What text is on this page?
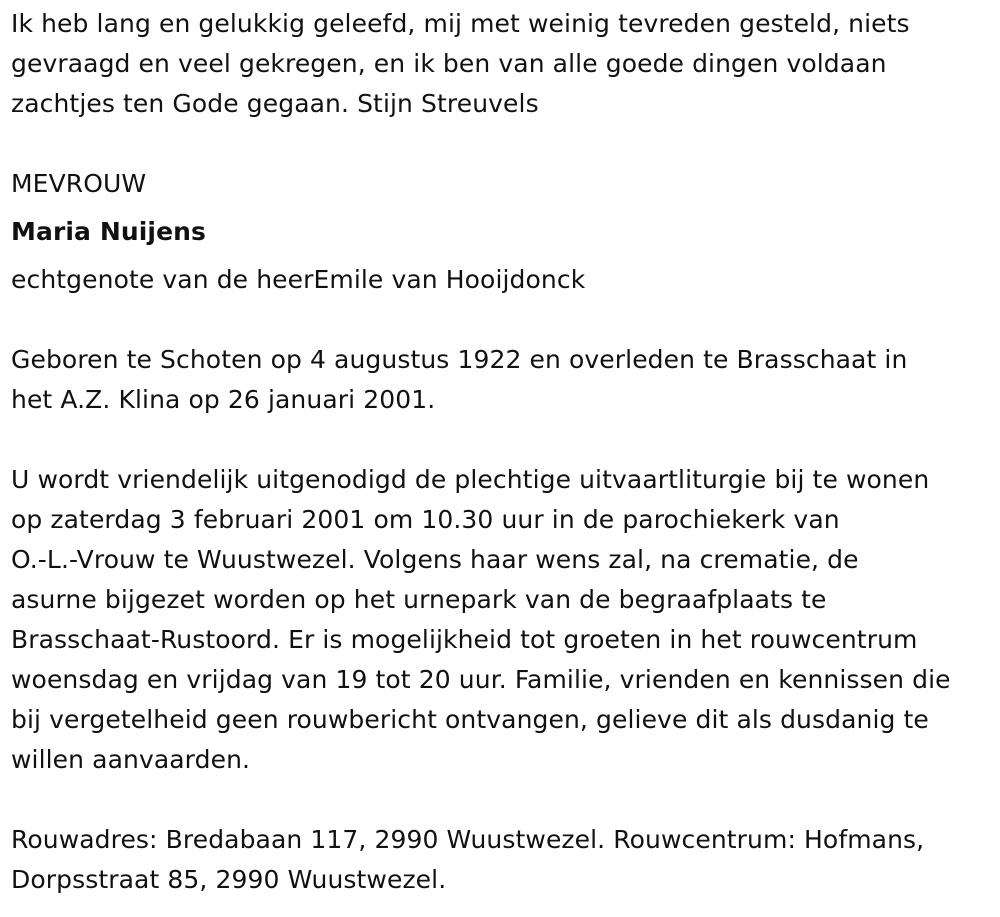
Ik heb lang en gelukkig geleefd, mij met weinig tevreden gesteld, niets
gevraagd en veel gekregen, en ik ben van alle goede dingen voldaan
zachtjes ten Gode gegaan. Stijn Streuvels

MEVROUW

Maria Nuijens

echtgenote van de heerEmile van Hooijdonck

Geboren te Schoten op 4 augustus 1922 en overleden te Brasschaat in
het A.Z. Klina op 26 januari 2001.

U wordt vriendelijk uitgenodigd de plechtige uitvaartliturgie bij te wonen
op zaterdag 3 februari 2001 om 10.30 uur in de parochiekerk van
O.-L.-Vrouw te Wuustwezel. Volgens haar wens zal, na crematie, de
asurne bijgezet worden op het urnepark van de begraafplaats te
Brasschaat-Rustoord. Er is mogelijkheid tot groeten in het rouwcentrum
woensdag en vrijdag van 19 tot 20 uur. Familie, vrienden en kennissen die
bij vergetelheid geen rouwbericht ontvangen, gelieve dit als dusdanig te
willen aanvaarden.

Rouwadres: Bredabaan 117, 2990 Wuustwezel. Rouwcentrum: Hofmans,
Dorpsstraat 85, 2990 Wuustwezel.
